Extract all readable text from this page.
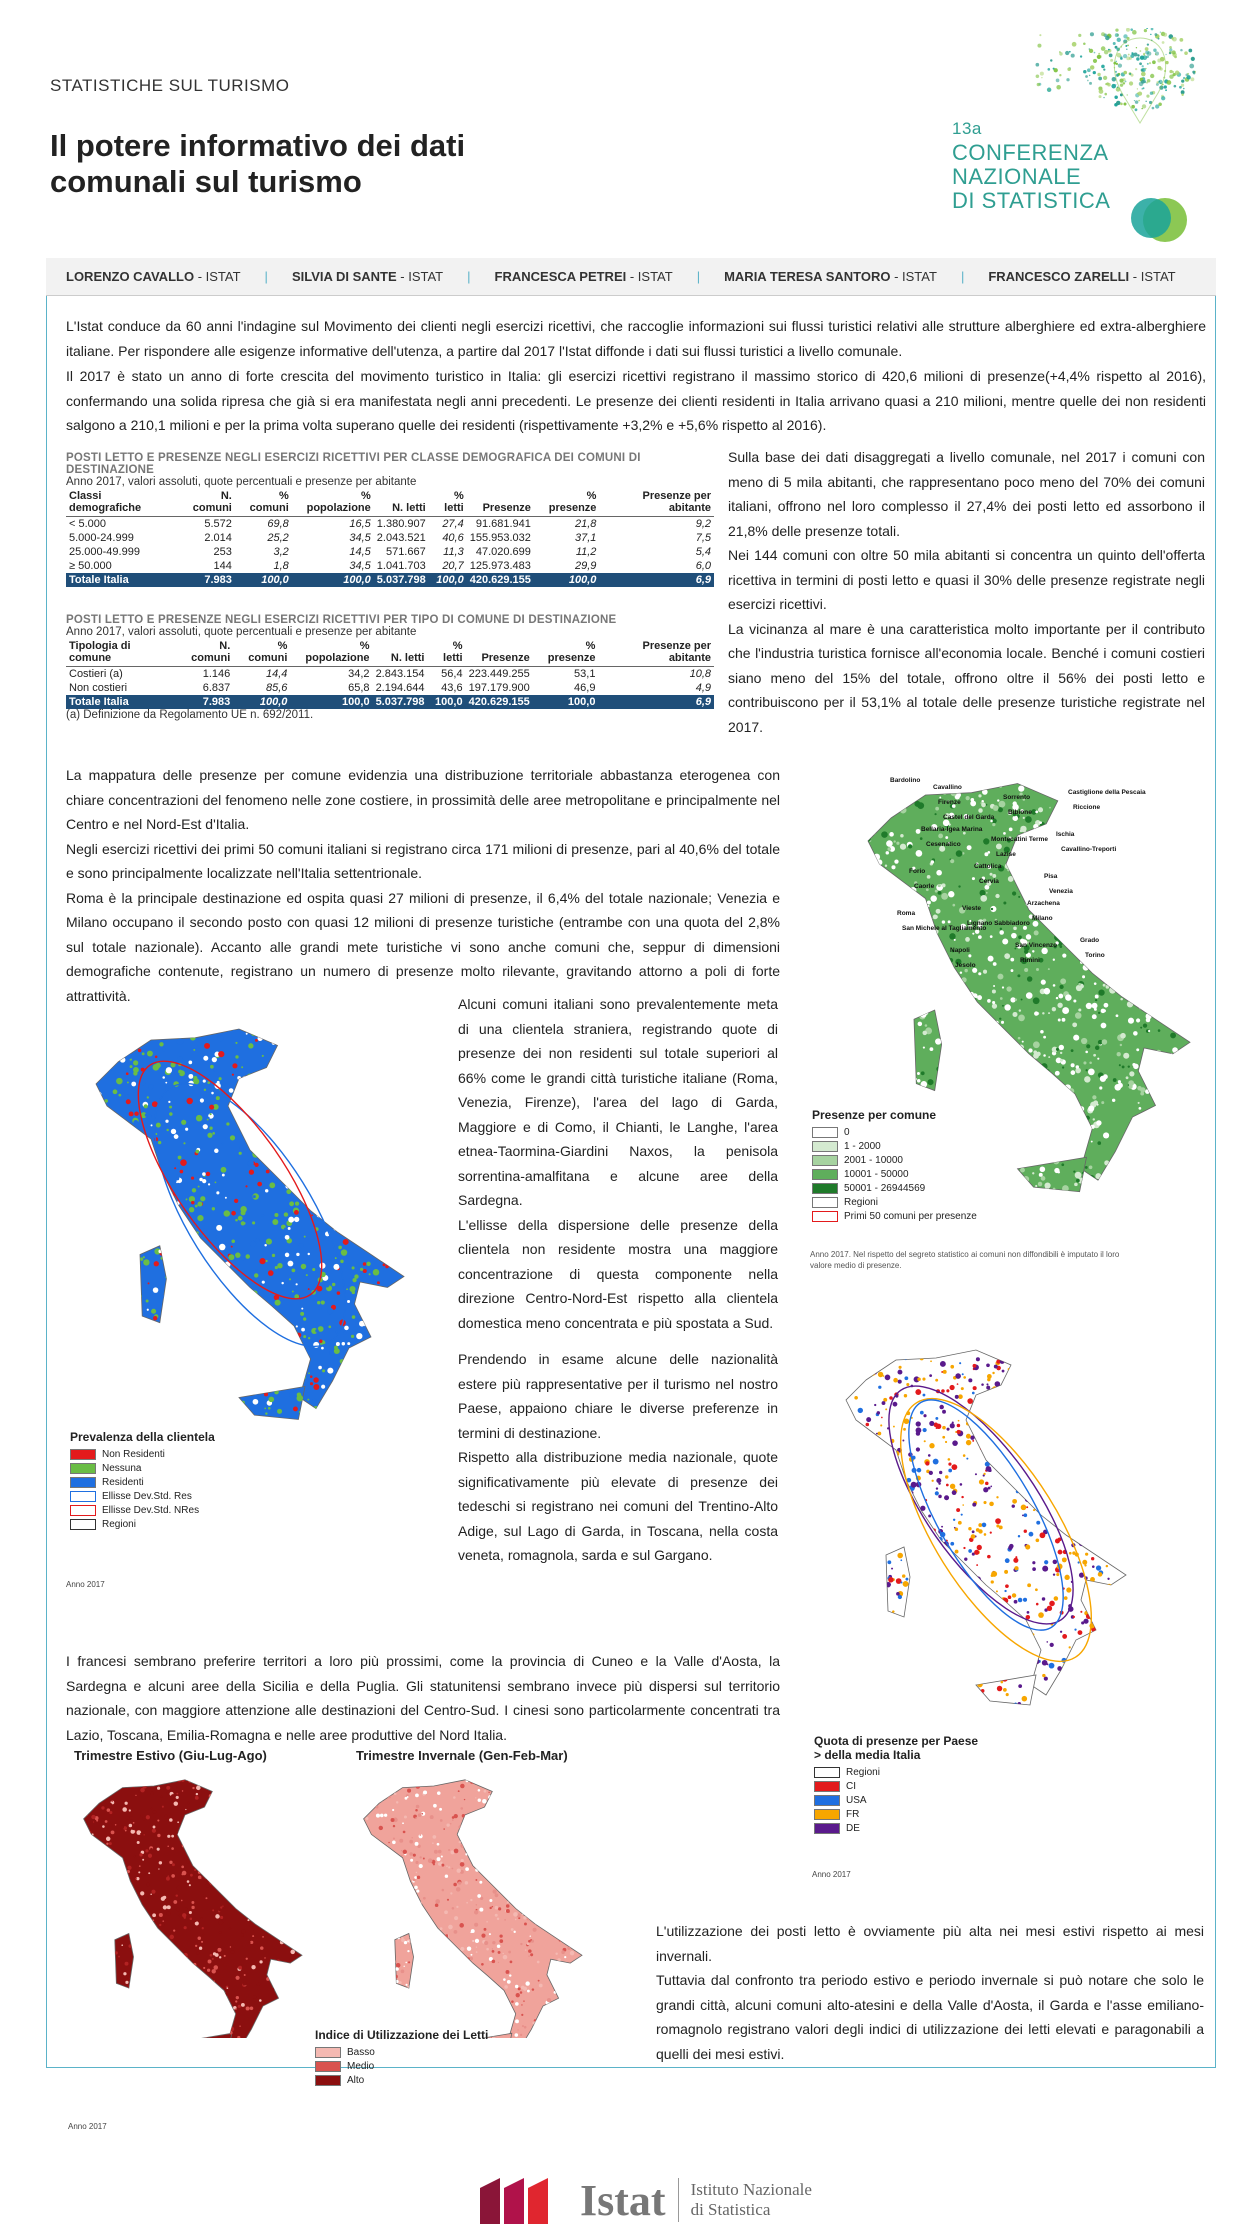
STATISTICHE SUL TURISMO
Il potere informativo dei dati comunali sul turismo
13a
CONFERENZA
NAZIONALE
DI STATISTICA
LORENZO CAVALLO - ISTAT | SILVIA DI SANTE - ISTAT | FRANCESCA PETREI - ISTAT | MARIA TERESA SANTORO - ISTAT | FRANCESCO ZARELLI - ISTAT
L'Istat conduce da 60 anni l'indagine sul Movimento dei clienti negli esercizi ricettivi, che raccoglie informazioni sui flussi turistici relativi alle strutture alberghiere ed extra-alberghiere italiane. Per rispondere alle esigenze informative dell'utenza, a partire dal 2017 l'Istat diffonde i dati sui flussi turistici a livello comunale.
Il 2017 è stato un anno di forte crescita del movimento turistico in Italia: gli esercizi ricettivi registrano il massimo storico di 420,6 milioni di presenze(+4,4% rispetto al 2016), confermando una solida ripresa che già si era manifestata negli anni precedenti. Le presenze dei clienti residenti in Italia arrivano quasi a 210 milioni, mentre quelle dei non residenti salgono a 210,1 milioni e per la prima volta superano quelle dei residenti (rispettivamente +3,2% e +5,6% rispetto al 2016).
POSTI LETTO E PRESENZE NEGLI ESERCIZI RICETTIVI PER CLASSE DEMOGRAFICA DEI COMUNI DI DESTINAZIONE
Anno 2017, valori assoluti, quote percentuali e presenze per abitante
Classi demografiche	N. comuni	% comuni	% popolazione	N. letti	% letti	Presenze	% presenze	Presenze per abitante
< 5.000	5.572	69,8	16,5	1.380.907	27,4	91.681.941	21,8	9,2
5.000-24.999	2.014	25,2	34,5	2.043.521	40,6	155.953.032	37,1	7,5
25.000-49.999	253	3,2	14,5	571.667	11,3	47.020.699	11,2	5,4
≥ 50.000	144	1,8	34,5	1.041.703	20,7	125.973.483	29,9	6,0
Totale Italia	7.983	100,0	100,0	5.037.798	100,0	420.629.155	100,0	6,9
POSTI LETTO E PRESENZE NEGLI ESERCIZI RICETTIVI PER TIPO DI COMUNE DI DESTINAZIONE
Anno 2017, valori assoluti, quote percentuali e presenze per abitante
Tipologia di comune	N. comuni	% comuni	% popolazione	N. letti	% letti	Presenze	% presenze	Presenze per abitante
Costieri (a)	1.146	14,4	34,2	2.843.154	56,4	223.449.255	53,1	10,8
Non costieri	6.837	85,6	65,8	2.194.644	43,6	197.179.900	46,9	4,9
Totale Italia	7.983	100,0	100,0	5.037.798	100,0	420.629.155	100,0	6,9
(a) Definizione da Regolamento UE n. 692/2011.
Sulla base dei dati disaggregati a livello comunale, nel 2017 i comuni con meno di 5 mila abitanti, che rappresentano poco meno del 70% dei comuni italiani, offrono nel loro complesso il 27,4% dei posti letto ed assorbono il 21,8% delle presenze totali.
Nei 144 comuni con oltre 50 mila abitanti si concentra un quinto dell'offerta ricettiva in termini di posti letto e quasi il 30% delle presenze registrate negli esercizi ricettivi.
La vicinanza al mare è una caratteristica molto importante per il contributo che l'industria turistica fornisce all'economia locale. Benché i comuni costieri siano meno del 15% del totale, offrono oltre il 56% dei posti letto e contribuiscono per il 53,1% al totale delle presenze turistiche registrate nel 2017.
La mappatura delle presenze per comune evidenzia una distribuzione territoriale abbastanza eterogenea con chiare concentrazioni del fenomeno nelle zone costiere, in prossimità delle aree metropolitane e principalmente nel Centro e nel Nord-Est d'Italia.
Negli esercizi ricettivi dei primi 50 comuni italiani si registrano circa 171 milioni di presenze, pari al 40,6% del totale e sono principalmente localizzate nell'Italia settentrionale.
Roma è la principale destinazione ed ospita quasi 27 milioni di presenze, il 6,4% del totale nazionale; Venezia e Milano occupano il secondo posto con quasi 12 milioni di presenze turistiche (entrambe con una quota del 2,8% sul totale nazionale). Accanto alle grandi mete turistiche vi sono anche comuni che, seppur di dimensioni demografiche contenute, registrano un numero di presenze molto rilevante, gravitando attorno a poli di forte attrattività.
Bardolino
Castel del Garda
Lazise
Venezia
San Michele al Tagliamento
Jesolo
Bibione
Cavallino-Treporti
Caorle
Lignano Sabbiadoro
Rimini
Riccione
Cesenatico
Cervia
Milano
Torino
Firenze
Montecatini Terme
Pisa
Roma
Napoli
Sorrento
Ischia
Forio
Vieste
San Vincenzo
Castiglione della Pescaia
Bellaria-Igea Marina
Cattolica
Arzachena
Grado
Cavallino
Presenze per comune
0
1 - 2000
2001 - 10000
10001 - 50000
50001 - 26944569
Regioni
Primi 50 comuni per presenze
Anno 2017. Nel rispetto del segreto statistico ai comuni non diffondibili è imputato il loro valore medio di presenze.
Prevalenza della clientela
Non Residenti
Nessuna
Residenti
Ellisse Dev.Std. Res
Ellisse Dev.Std. NRes
Regioni
Anno 2017
Alcuni comuni italiani sono prevalentemente meta di una clientela straniera, registrando quote di presenze dei non residenti sul totale superiori al 66% come le grandi città turistiche italiane (Roma, Venezia, Firenze), l'area del lago di Garda, Maggiore e di Como, il Chianti, le Langhe, l'area etnea-Taormina-Giardini Naxos, la penisola sorrentina-amalfitana e alcune aree della Sardegna.
L'ellisse della dispersione delle presenze della clientela non residente mostra una maggiore concentrazione di questa componente nella direzione Centro-Nord-Est rispetto alla clientela domestica meno concentrata e più spostata a Sud.
Prendendo in esame alcune delle nazionalità estere più rappresentative per il turismo nel nostro Paese, appaiono chiare le diverse preferenze in termini di destinazione.
Rispetto alla distribuzione media nazionale, quote significativamente più elevate di presenze dei tedeschi si registrano nei comuni del Trentino-Alto Adige, sul Lago di Garda, in Toscana, nella costa veneta, romagnola, sarda e sul Gargano.
I francesi sembrano preferire territori a loro più prossimi, come la provincia di Cuneo e la Valle d'Aosta, la Sardegna e alcuni aree della Sicilia e della Puglia. Gli statunitensi sembrano invece più dispersi sul territorio nazionale, con maggiore attenzione alle destinazioni del Centro-Sud. I cinesi sono particolarmente concentrati tra Lazio, Toscana, Emilia-Romagna e nelle aree produttive del Nord Italia.	Quota di presenze per Paese > della media Italia
Regioni
CI
USA
FR
DE
Anno 2017
Trimestre Estivo (Giu-Lug-Ago)	Trimestre Invernale (Gen-Feb-Mar)
Indice di Utilizzazione dei Letti
Basso
Medio
Alto
Anno 2017
L'utilizzazione dei posti letto è ovviamente più alta nei mesi estivi rispetto ai mesi invernali.
Tuttavia dal confronto tra periodo estivo e periodo invernale si può notare che solo le grandi città, alcuni comuni alto-atesini e della Valle d'Aosta, il Garda e l'asse emiliano-romagnolo registrano valori degli indici di utilizzazione dei letti elevati e paragonabili a quelli dei mesi estivi.
Istat Istituto Nazionale
di Statistica
